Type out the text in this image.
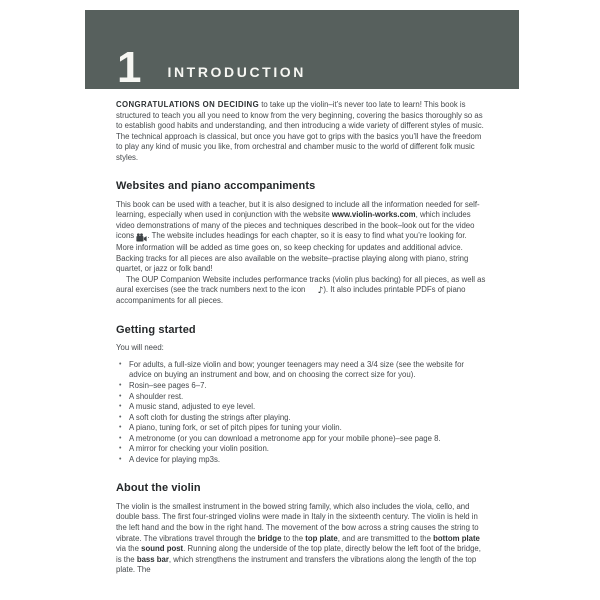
1 INTRODUCTION

CONGRATULATIONS ON DECIDING to take up the violin–it’s never too late to learn! This book is structured to teach you all you need to know from the very beginning, covering the basics thoroughly so as to establish good habits and understanding, and then introducing a wide variety of different styles of music. The technical approach is classical, but once you have got to grips with the basics you’ll have the freedom to play any kind of music you like, from orchestral and chamber music to the world of different folk music styles.

Websites and piano accompaniments

This book can be used with a teacher, but it is also designed to include all the information needed for self-learning, especially when used in conjunction with the website www.violin-works.com, which includes video demonstrations of many of the pieces and techniques described in the book–look out for the video icons . The website includes headings for each chapter, so it is easy to find what you’re looking for. More information will be added as time goes on, so keep checking for updates and additional advice. Backing tracks for all pieces are also available on the website–practise playing along with piano, string quartet, or jazz or folk band!

The OUP Companion Website includes performance tracks (violin plus backing) for all pieces, as well as aural exercises (see the track numbers next to the icon ♪). It also includes printable PDFs of piano accompaniments for all pieces.

Getting started

You will need:

• For adults, a full-size violin and bow; younger teenagers may need a 3/4 size (see the website for advice on buying an instrument and bow, and on choosing the correct size for you).
• Rosin–see pages 6–7.
• A shoulder rest.
• A music stand, adjusted to eye level.
• A soft cloth for dusting the strings after playing.
• A piano, tuning fork, or set of pitch pipes for tuning your violin.
• A metronome (or you can download a metronome app for your mobile phone)–see page 8.
• A mirror for checking your violin position.
• A device for playing mp3s.
About the violin

The violin is the smallest instrument in the bowed string family, which also includes the viola, cello, and double bass. The first four-stringed violins were made in Italy in the sixteenth century. The violin is held in the left hand and the bow in the right hand. The movement of the bow across a string causes the string to vibrate. The vibrations travel through the bridge to the top plate, and are transmitted to the bottom plate via the sound post. Running along the underside of the top plate, directly below the left foot of the bridge, is the bass bar, which strengthens the instrument and transfers the vibrations along the length of the top plate. The
